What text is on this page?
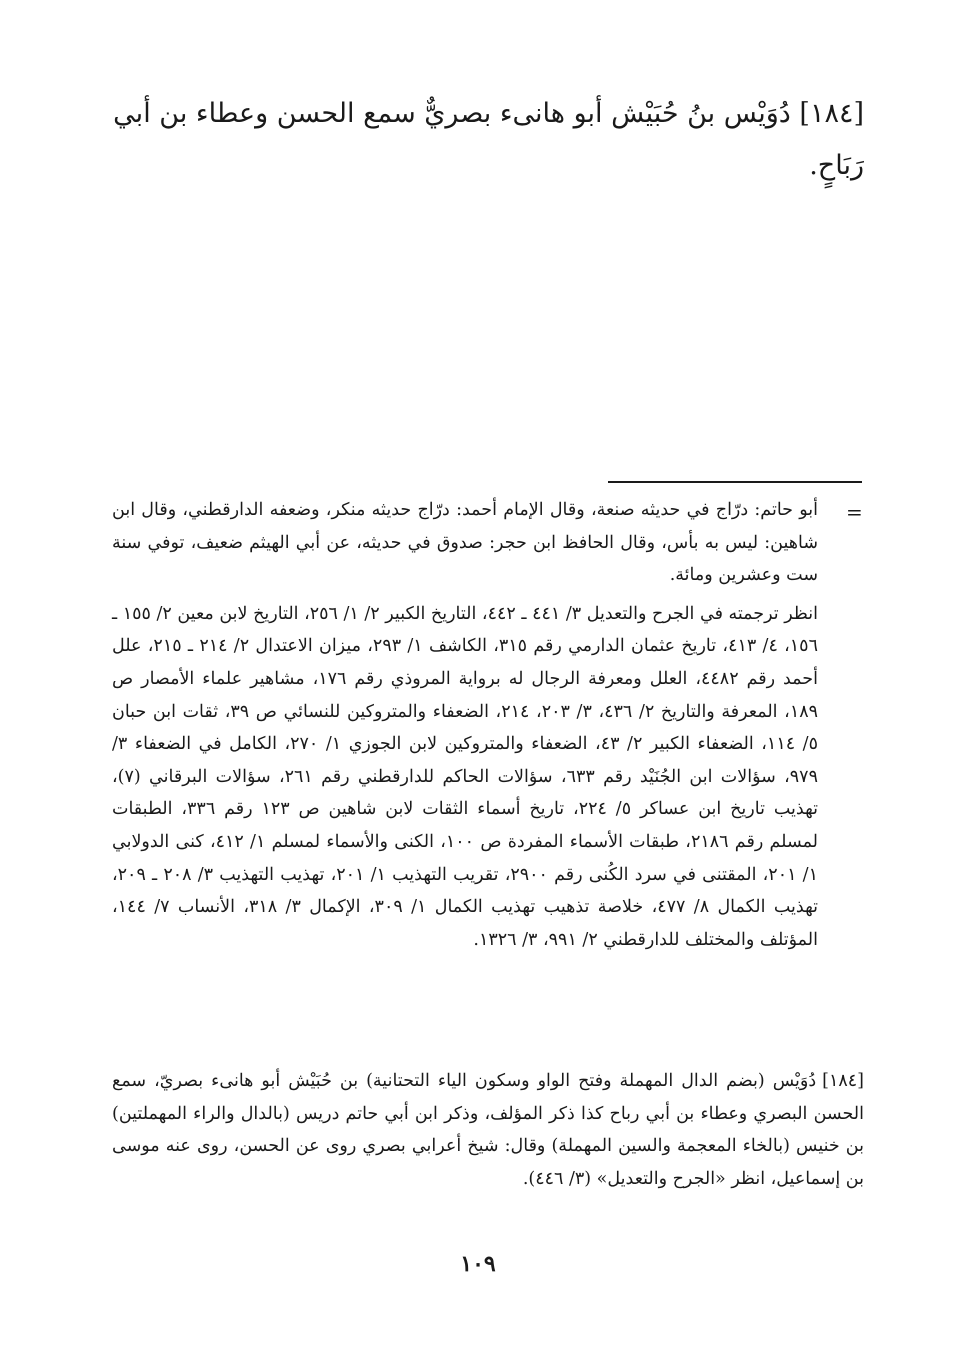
[١٨٤] دُوَيْس بنُ حُبَيْش أبو هانىء بصريٌّ سمع الحسن وعطاء بن أبي رَبَاحٍ.
=

أبو حاتم: درّاج في حديثه صنعة، وقال الإمام أحمد: درّاج حديثه منكر، وضعفه الدارقطني، وقال ابن شاهين: ليس به بأس، وقال الحافظ ابن حجر: صدوق في حديثه، عن أبي الهيثم ضعيف، توفي سنة ست وعشرين ومائة.

انظر ترجمته في الجرح والتعديل ٣/ ٤٤١ ـ ٤٤٢، التاريخ الكبير ٢/ ١/ ٢٥٦، التاريخ لابن معين ٢/ ١٥٥ ـ ١٥٦، ٤/ ٤١٣، تاريخ عثمان الدارمي رقم ٣١٥، الكاشف ١/ ٢٩٣، ميزان الاعتدال ٢/ ٢١٤ ـ ٢١٥، علل أحمد رقم ٤٤٨٢، العلل ومعرفة الرجال له برواية المروذي رقم ١٧٦، مشاهير علماء الأمصار ص ١٨٩، المعرفة والتاريخ ٢/ ٤٣٦، ٣/ ٢٠٣، ٢١٤، الضعفاء والمتروكين للنسائي ص ٣٩، ثقات ابن حبان ٥/ ١١٤، الضعفاء الكبير ٢/ ٤٣، الضعفاء والمتروكين لابن الجوزي ١/ ٢٧٠، الكامل في الضعفاء ٣/ ٩٧٩، سؤالات ابن الجُنَيْد رقم ٦٣٣، سؤالات الحاكم للدارقطني رقم ٢٦١، سؤالات البرقاني (٧)، تهذيب تاريخ ابن عساكر ٥/ ٢٢٤، تاريخ أسماء الثقات لابن شاهين ص ١٢٣ رقم ٣٣٦، الطبقات لمسلم رقم ٢١٨٦، طبقات الأسماء المفردة ص ١٠٠، الكنى والأسماء لمسلم ١/ ٤١٢، كنى الدولابي ١/ ٢٠١، المقتنى في سرد الكُنى رقم ٢٩٠٠، تقريب التهذيب ١/ ٢٠١، تهذيب التهذيب ٣/ ٢٠٨ ـ ٢٠٩، تهذيب الكمال ٨/ ٤٧٧، خلاصة تذهيب تهذيب الكمال ١/ ٣٠٩، الإكمال ٣/ ٣١٨، الأنساب ٧/ ١٤٤، المؤتلف والمختلف للدارقطني ٢/ ٩٩١، ٣/ ١٣٢٦.

[١٨٤]دُوَيْس (بضم الدال المهملة وفتح الواو وسكون الياء التحتانية) بن حُبَيْش أبو هانىء بصريّ، سمع الحسن البصري وعطاء بن أبي رباح كذا ذكر المؤلف، وذكر ابن أبي حاتم دريس (بالدال والراء المهملتين) بن خنيس (بالخاء المعجمة والسين المهملة) وقال: شيخ أعرابي بصري روى عن الحسن، روى عنه موسى بن إسماعيل، انظر «الجرح والتعديل» (٣/ ٤٤٦).

١٠٩
